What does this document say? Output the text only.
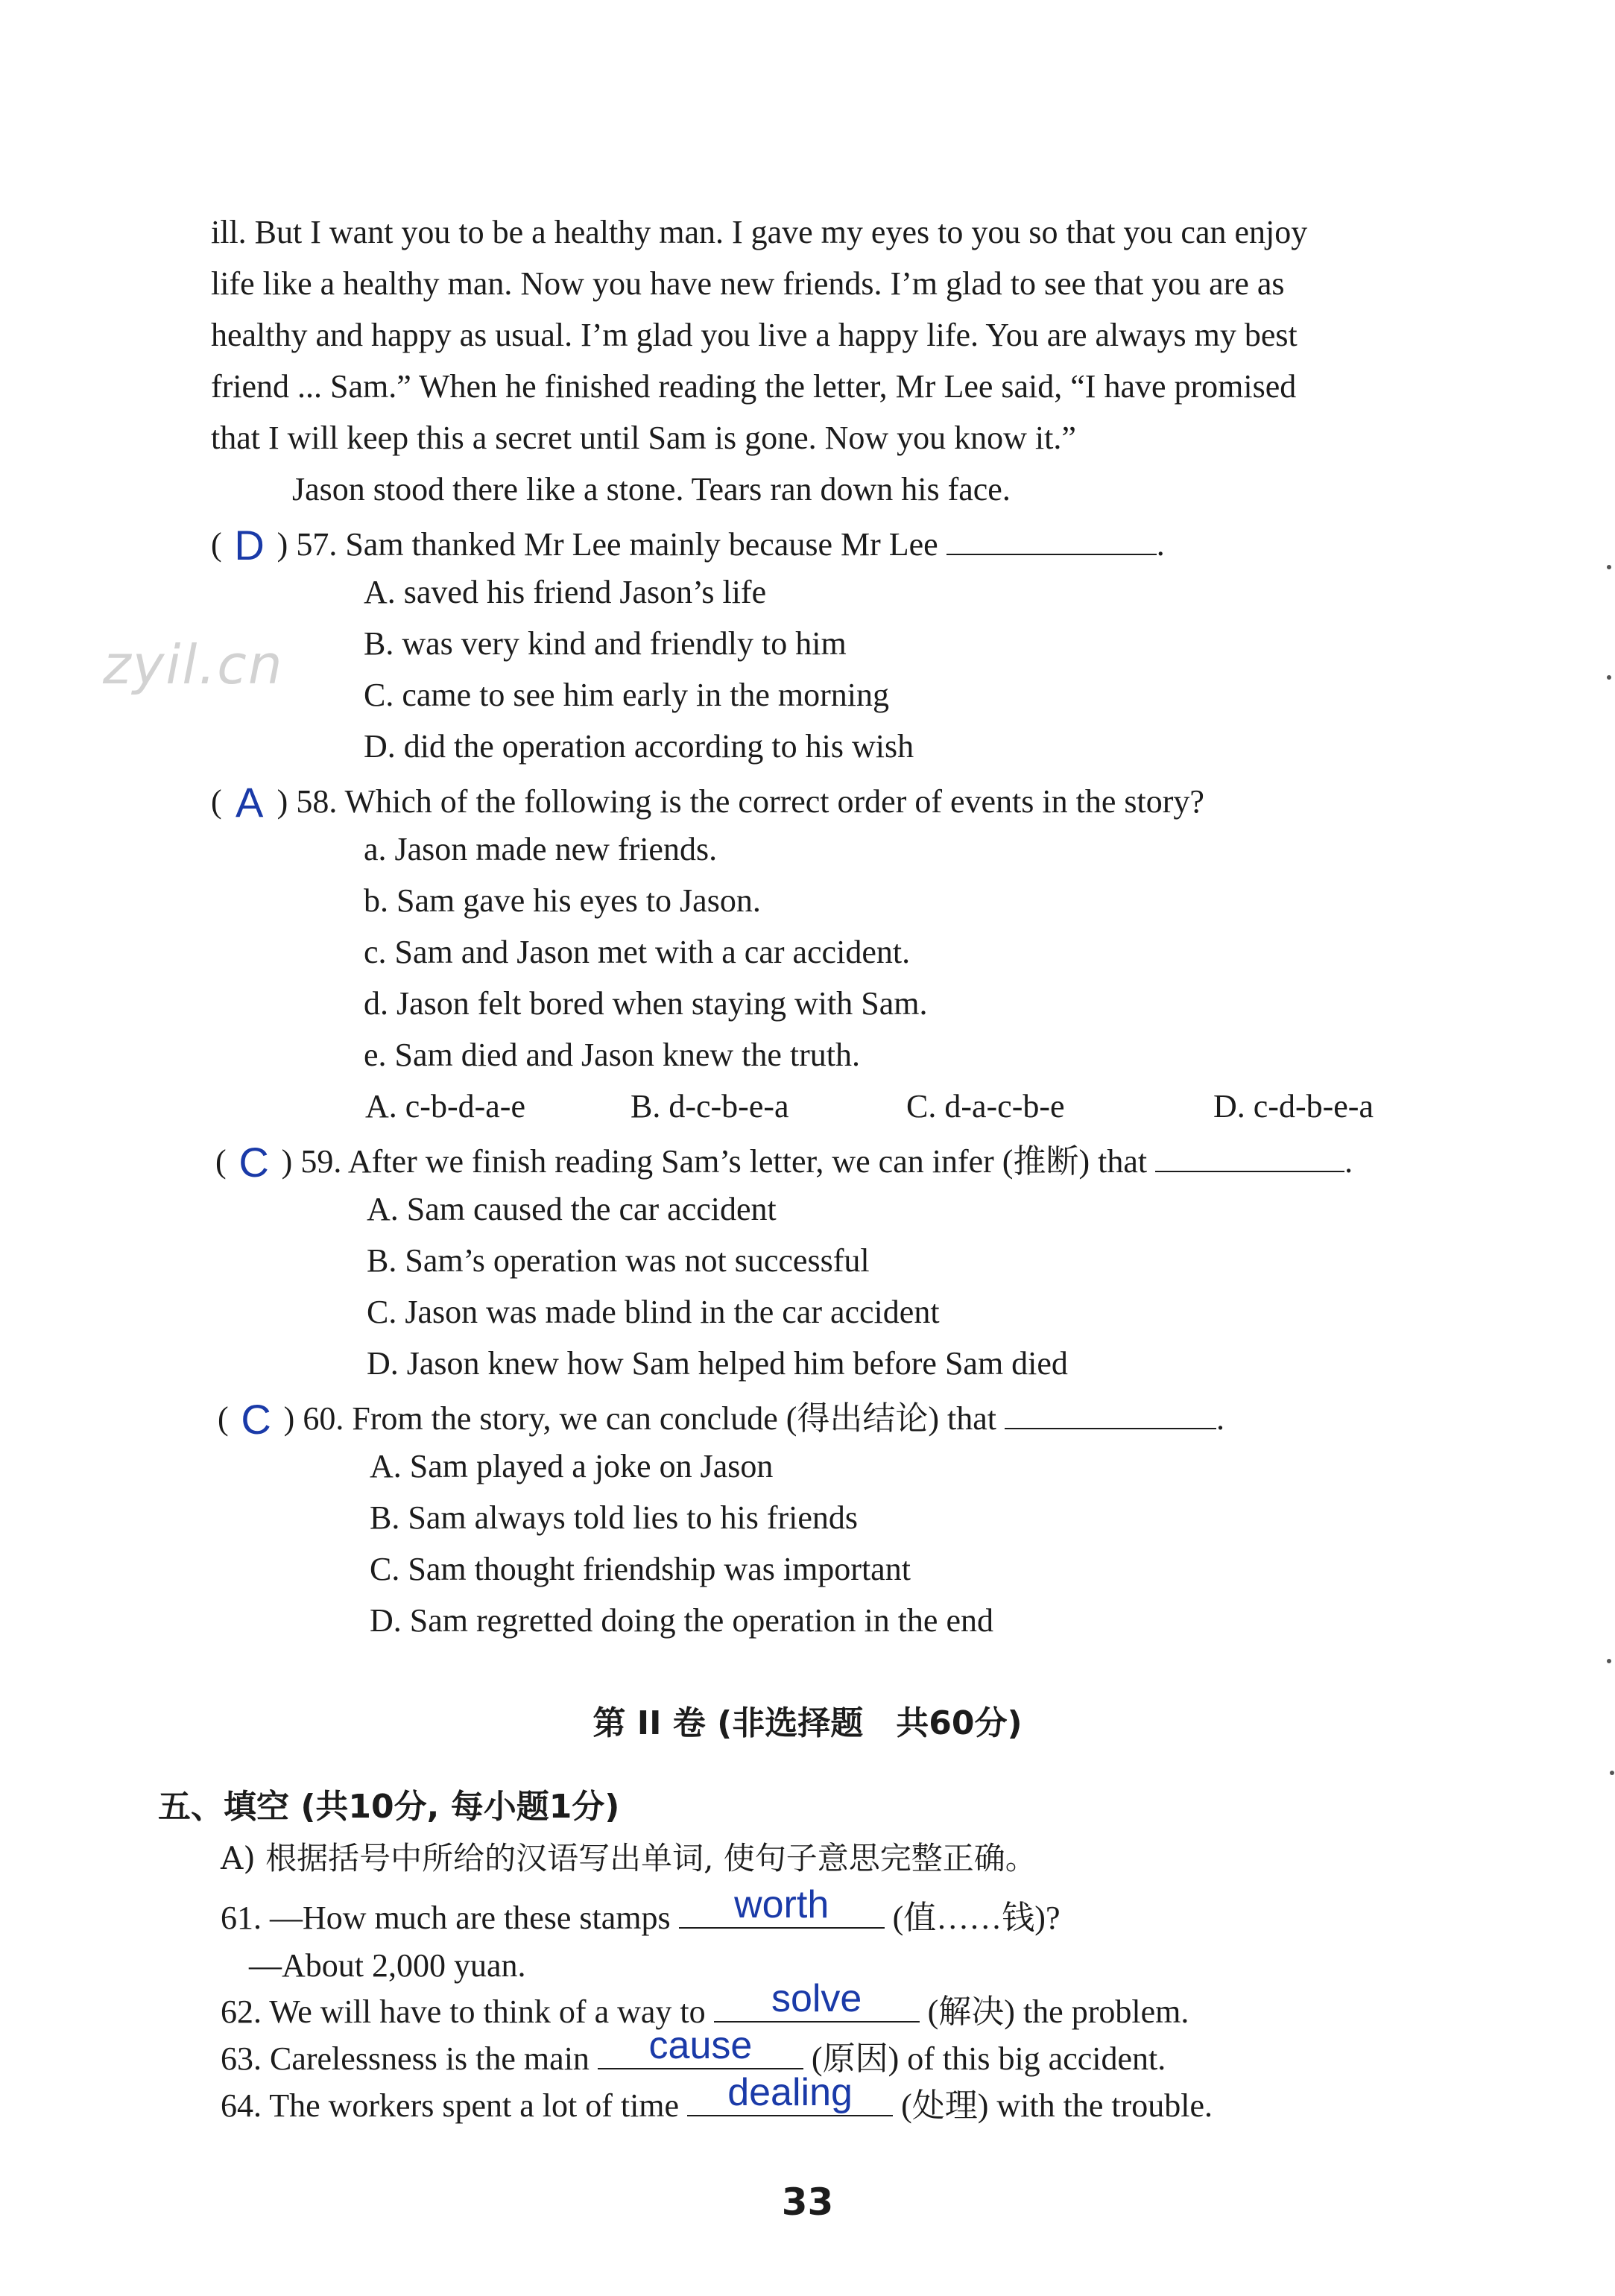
zyil.cn
ill. But I want you to be a healthy man. I gave my eyes to you so that you can enjoy
life like a healthy man. Now you have new friends. I’m glad to see that you are as
healthy and happy as usual. I’m glad you live a happy life. You are always my best
friend ... Sam.” When he finished reading the letter, Mr Lee said, “I have promised
that I will keep this a secret until Sam is gone. Now you know it.”
Jason stood there like a stone. Tears ran down his face.
( D ) 57. Sam thanked Mr Lee mainly because Mr Lee	.
A. saved his friend Jason’s life
B. was very kind and friendly to him
C. came to see him early in the morning
D. did the operation according to his wish
( A ) 58. Which of the following is the correct order of events in the story?
a. Jason made new friends.
b. Sam gave his eyes to Jason.
c. Sam and Jason met with a car accident.
d. Jason felt bored when staying with Sam.
e. Sam died and Jason knew the truth.
A. c-b-d-a-e	B. d-c-b-e-a	C. d-a-c-b-e	D. c-d-b-e-a
( C ) 59. After we finish reading Sam’s letter, we can infer (推断) that	.
A. Sam caused the car accident
B. Sam’s operation was not successful
C. Jason was made blind in the car accident
D. Jason knew how Sam helped him before Sam died
( C ) 60. From the story, we can conclude (得出结论) that	.
A. Sam played a joke on Jason
B. Sam always told lies to his friends
C. Sam thought friendship was important
D. Sam regretted doing the operation in the end
第 II 卷 (非选择题　共60分)
五、填空 (共10分, 每小题1分)
A) 根据括号中所给的汉语写出单词, 使句子意思完整正确。
61. —How much are these stamps	worth	(值……钱)?
—About 2,000 yuan.
62. We will have to think of a way to	solve	(解决) the problem.
63. Carelessness is the main	cause	(原因) of this big accident.
64. The workers spent a lot of time	dealing	(处理) with the trouble.
33
